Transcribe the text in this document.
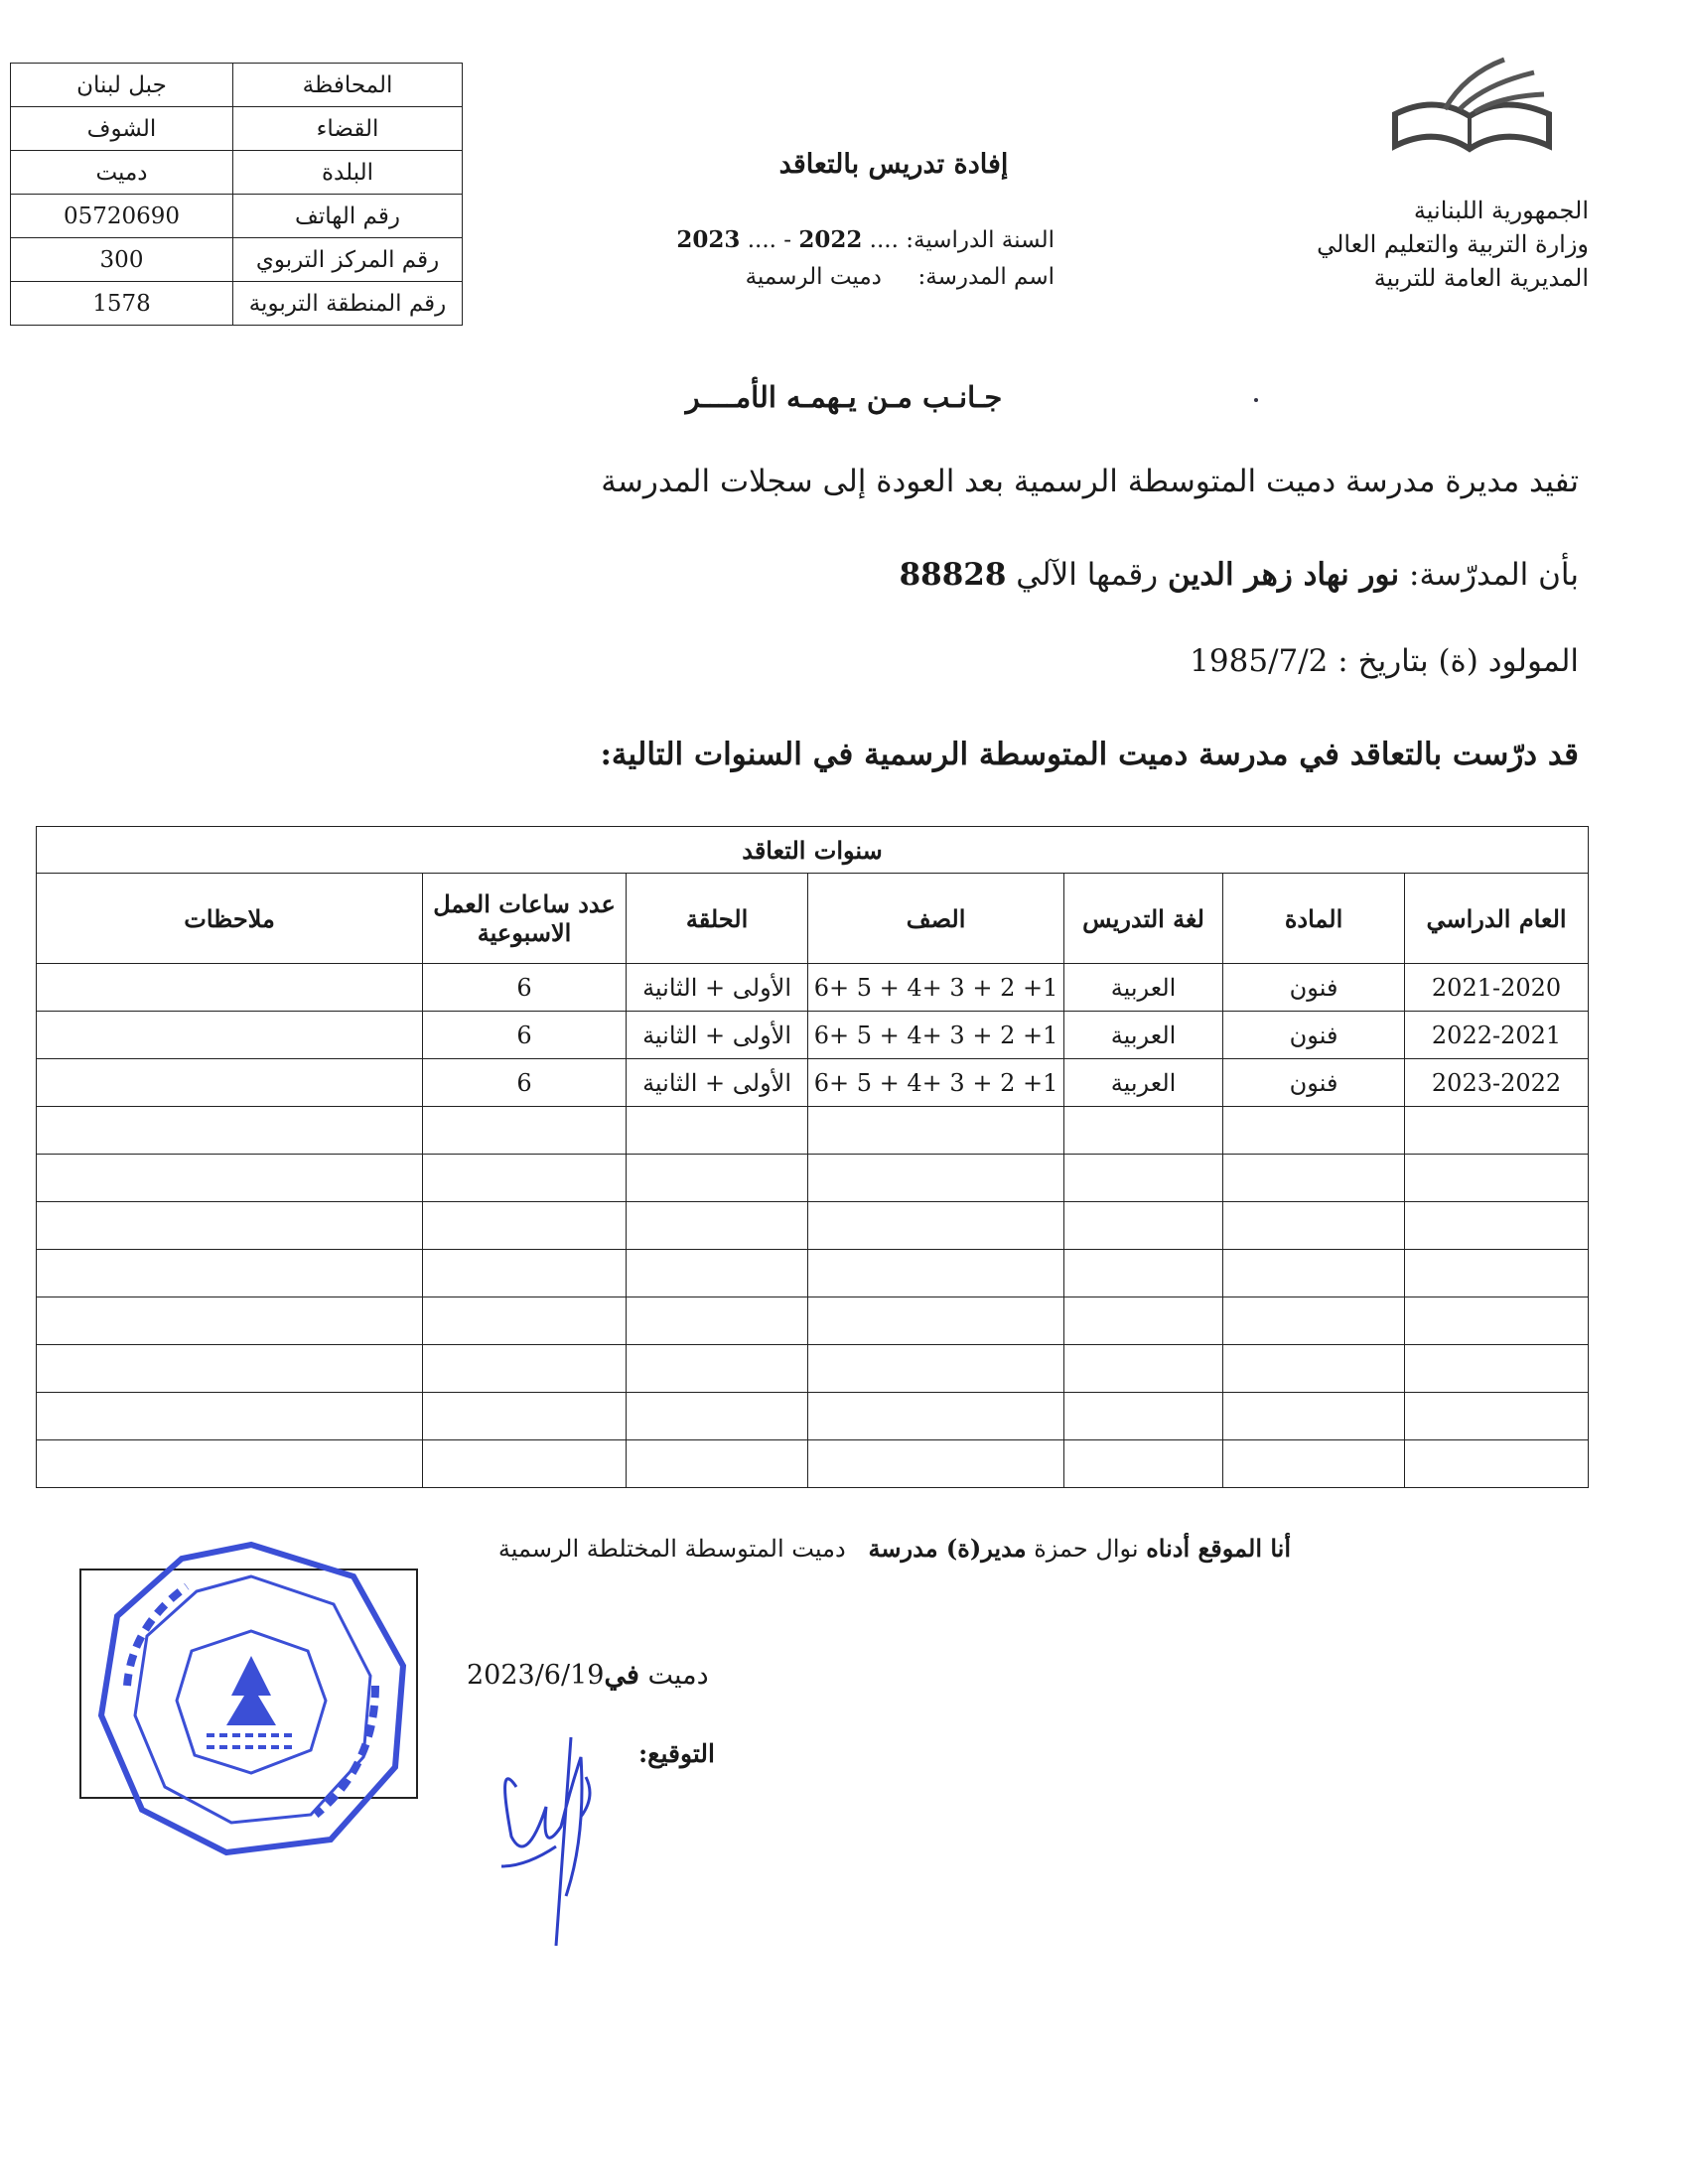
المحافظة	جبل لبنان
القضاء	الشوف
البلدة	دميت
رقم الهاتف	05720690
رقم المركز التربوي	300
رقم المنطقة التربوية	1578
الجمهورية اللبنانية
وزارة التربية والتعليم العالي
المديرية العامة للتربية
إفادة تدريس بالتعاقد
السنة الدراسية: .... 2022 - .... 2023
اسم المدرسة:     دميت الرسمية
جـانـب مـن يـهمـه الأمــــر
تفيد مديرة مدرسة دميت المتوسطة الرسمية بعد العودة إلى سجلات المدرسة
بأن المدرّسة: نور نهاد زهر الدين رقمها الآلي 88828
المولود (ة) بتاريخ : 1985/7/2
قد درّست بالتعاقد في مدرسة دميت المتوسطة الرسمية في السنوات التالية:
سنوات التعاقد						
العام الدراسي	المادة	لغة التدريس	الصف	الحلقة	عدد ساعات العمل الاسبوعية	ملاحظات
2021-2020	فنون	العربية	1+ 2 + 3 +4 + 5 +6	الأولى + الثانية	6	
2022-2021	فنون	العربية	1+ 2 + 3 +4 + 5 +6	الأولى + الثانية	6	
2023-2022	فنون	العربية	1+ 2 + 3 +4 + 5 +6	الأولى + الثانية	6	

أنا الموقع أدناه نوال حمزة مدير(ة) مدرسة   دميت المتوسطة المختلطة الرسمية
دميت في2023/6/19
التوقيع:
